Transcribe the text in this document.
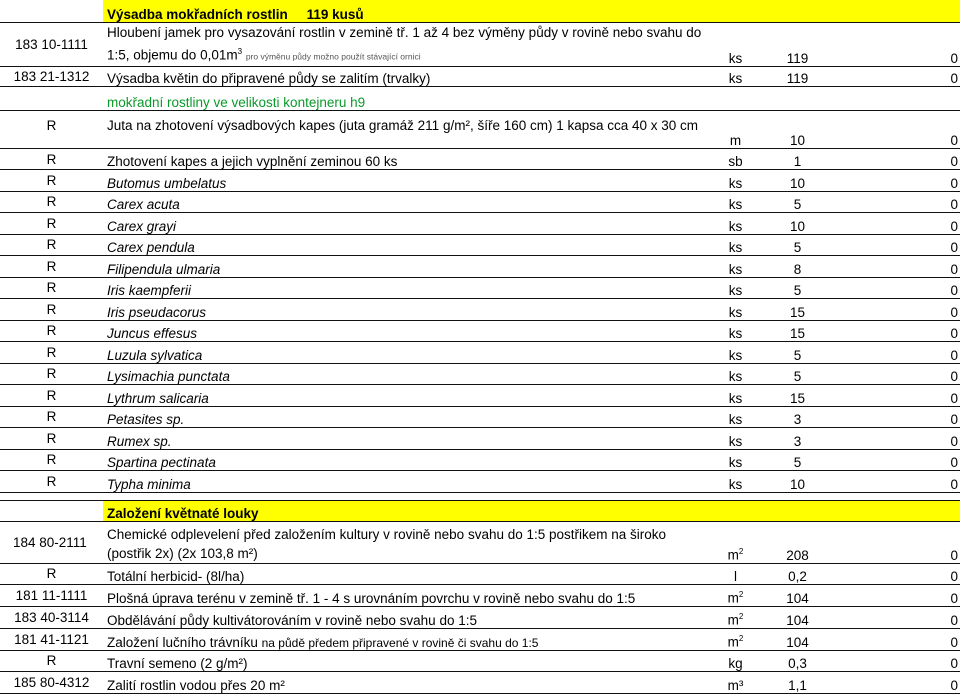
	Výsadba mokřadních rostlin 119 kusů			
183 10-1111	Hloubení jamek pro vysazování rostlin v zemině tř. 1 až 4 bez výměny půdy v rovině nebo svahu do
1:5, objemu do $0,01m^3$ pro výměnu půdy možno použít stávající ornici	ks	119	0
183 21-1312	Výsadba květin do připravené půdy se zalitím (trvalky)	ks	119	0
	mokřadní rostliny ve velikosti kontejneru h9			
R	Juta na zhotovení výsadbových kapes (juta gramáž 211 g/m², šíře 160 cm) 1 kapsa cca 40 x 30 cm	m	10	0
R	Zhotovení kapes a jejich vyplnění zeminou 60 ks	sb	1	0
R	Butomus umbelatus	ks	10	0
R	Carex acuta	ks	5	0
R	Carex grayi	ks	10	0
R	Carex pendula	ks	5	0
R	Filipendula ulmaria	ks	8	0
R	Iris kaempferii	ks	5	0
R	Iris pseudacorus	ks	15	0
R	Juncus effesus	ks	15	0
R	Luzula sylvatica	ks	5	0
R	Lysimachia punctata	ks	5	0
R	Lythrum salicaria	ks	15	0
R	Petasites sp.	ks	3	0
R	Rumex sp.	ks	3	0
R	Spartina pectinata	ks	5	0
R	Typha minima	ks	10	0

	Založení květnaté louky			
184 80-2111	Chemické odplevelení před založením kultury v rovině nebo svahu do 1:5 postřikem na široko
(postřik 2x) (2x 103,8 m²)	$m^2$	208	0
R	Totální herbicid- (8l/ha)	l	0,2	0
181 11-1111	Plošná úprava terénu v zemině tř. 1 - 4 s urovnáním povrchu v rovině nebo svahu do 1:5	$m^2$	104	0
183 40-3114	Obdělávání půdy kultivátorováním v rovině nebo svahu do 1:5	$m^2$	104	0
181 41-1121	Založení lučního trávníku na půdě předem připravené v rovině či svahu do 1:5	$m^2$	104	0
R	Travní semeno (2 g/m²)	kg	0,3	0
185 80-4312	Zalití rostlin vodou přes 20 m²	m³	1,1	0
